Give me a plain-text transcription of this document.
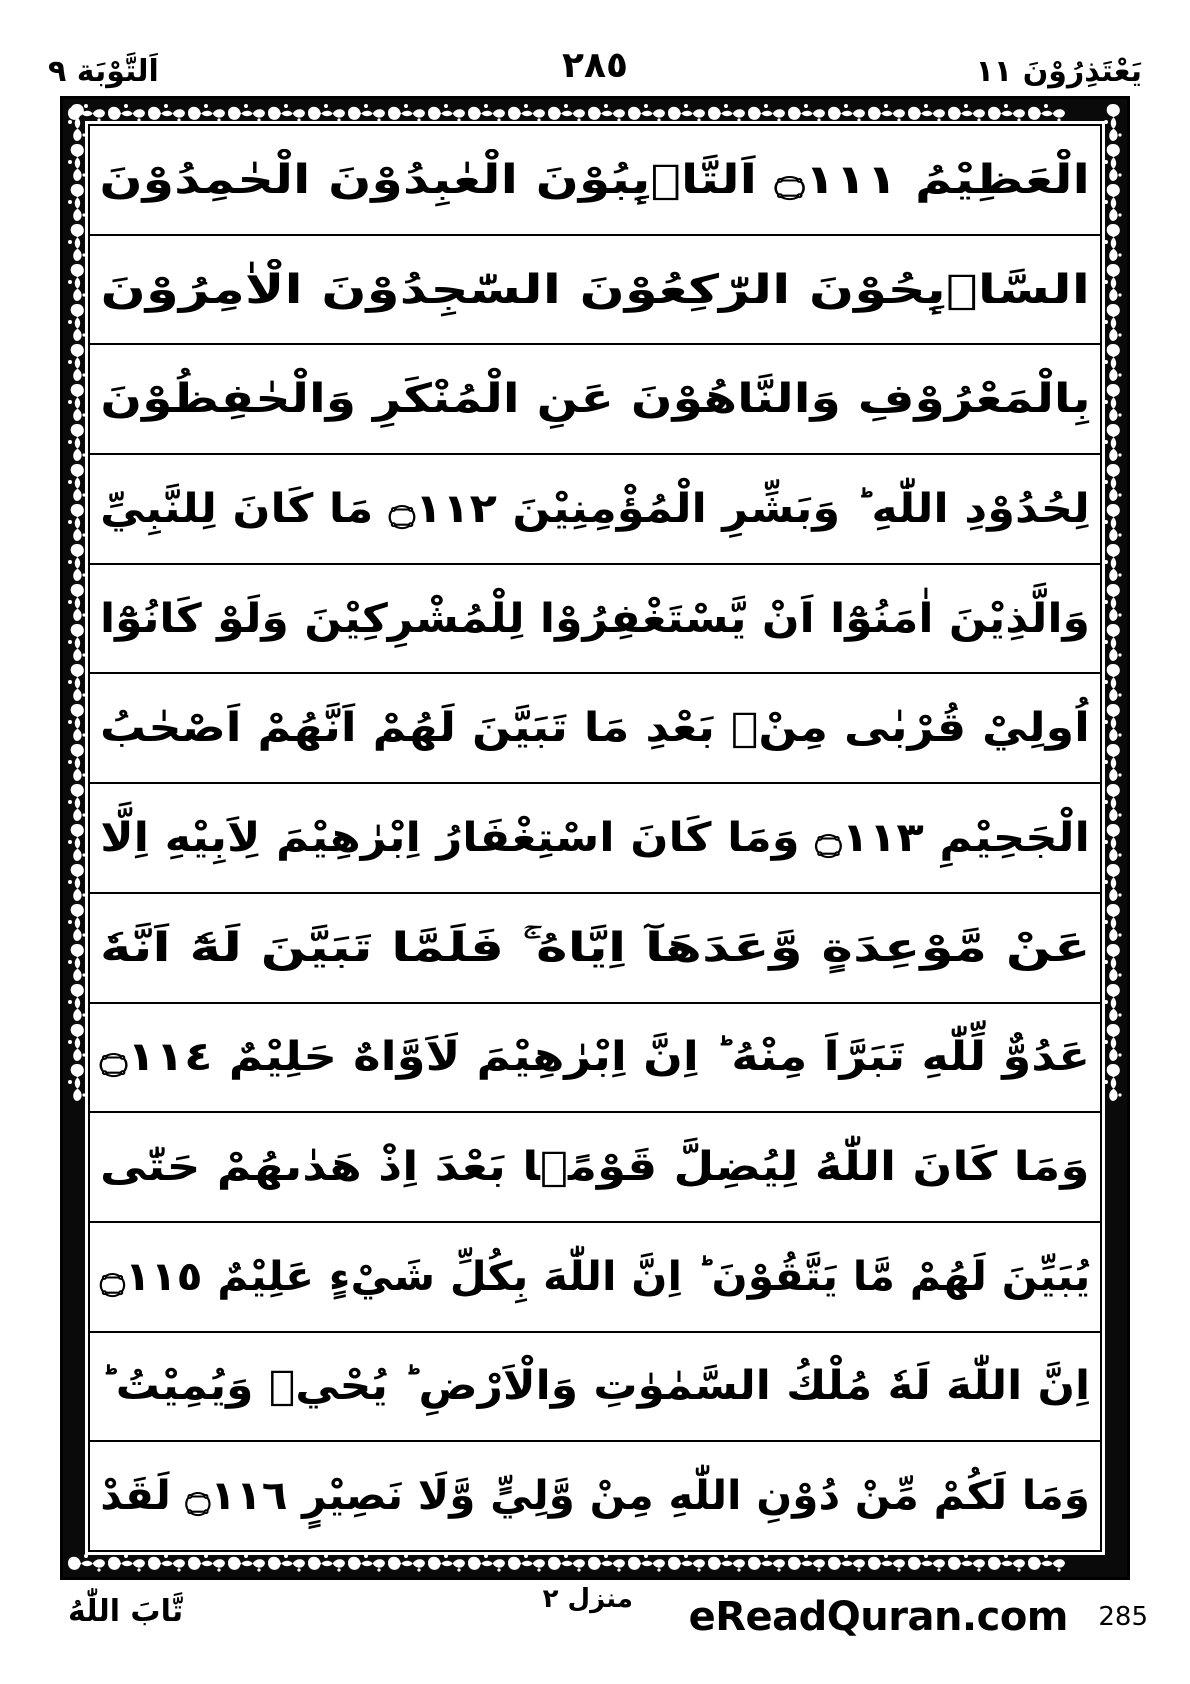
اَلتَّوْبَة ٩	٢٨٥	يَعْتَذِرُوْنَ ١١
الْعَظِيْمُ ۝١١١ اَلتَّاۗىِٕبُوْنَ الْعٰبِدُوْنَ الْحٰمِدُوْنَ
السَّاۗىِٕحُوْنَ الرّٰكِعُوْنَ السّٰجِدُوْنَ الْاٰمِرُوْنَ
بِالْمَعْرُوْفِ وَالنَّاهُوْنَ عَنِ الْمُنْكَرِ وَالْحٰفِظُوْنَ
لِحُدُوْدِ اللّٰهِ ؕ وَبَشِّرِ الْمُؤْمِنِيْنَ ۝١١٢ مَا كَانَ لِلنَّبِيِّ
وَالَّذِيْنَ اٰمَنُوْٓا اَنْ يَّسْتَغْفِرُوْا لِلْمُشْرِكِيْنَ وَلَوْ كَانُوْٓا
اُولِيْ قُرْبٰى مِنْۢ بَعْدِ مَا تَبَيَّنَ لَهُمْ اَنَّهُمْ اَصْحٰبُ
الْجَحِيْمِ ۝١١٣ وَمَا كَانَ اسْتِغْفَارُ اِبْرٰهِيْمَ لِاَبِيْهِ اِلَّا
عَنْ مَّوْعِدَةٍ وَّعَدَهَآ اِيَّاهُ ۚ فَلَمَّا تَبَيَّنَ لَهٗٓ اَنَّهٗ
عَدُوٌّ لِّلّٰهِ تَبَرَّاَ مِنْهُ ؕ اِنَّ اِبْرٰهِيْمَ لَاَوَّاهٌ حَلِيْمٌ ۝١١٤
وَمَا كَانَ اللّٰهُ لِيُضِلَّ قَوْمًۢا بَعْدَ اِذْ هَدٰىهُمْ حَتّٰى
يُبَيِّنَ لَهُمْ مَّا يَتَّقُوْنَ ؕ اِنَّ اللّٰهَ بِكُلِّ شَيْءٍ عَلِيْمٌ ۝١١٥
اِنَّ اللّٰهَ لَهٗ مُلْكُ السَّمٰوٰتِ وَالْاَرْضِ ؕ يُحْيٖ وَيُمِيْتُ ؕ
وَمَا لَكُمْ مِّنْ دُوْنِ اللّٰهِ مِنْ وَّلِيٍّ وَّلَا نَصِيْرٍ ۝١١٦ لَقَدْ
تَّابَ اللّٰهُ	منزل ٢ eReadQuran.com 285
